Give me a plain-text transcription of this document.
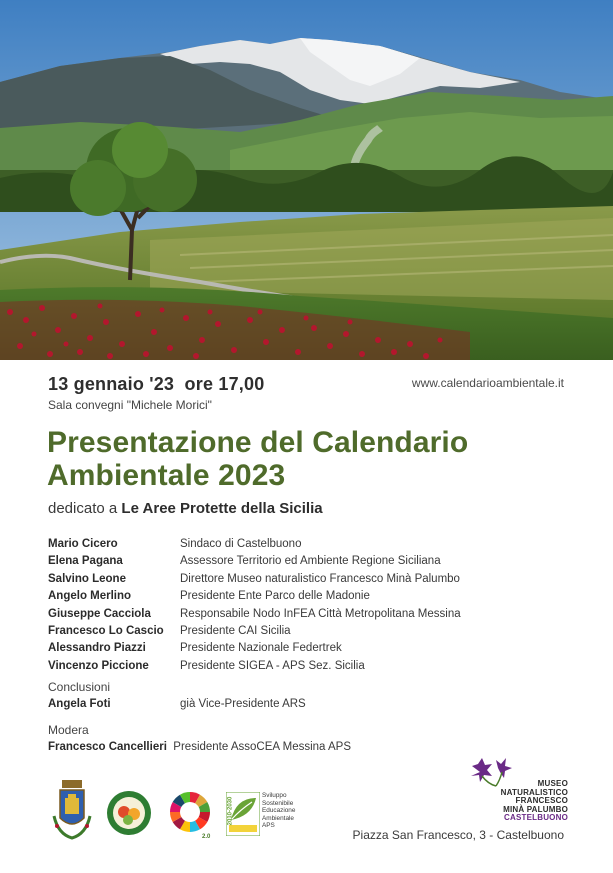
13 gennaio '23 ore 17,00	www.calendarioambientale.it
Sala convegni "Michele Morici"
Presentazione del Calendario
Ambientale 2023
dedicato a Le Aree Protette della Sicilia
Mario Cicero	Sindaco di Castelbuono
Elena Pagana	Assessore Territorio ed Ambiente Regione Siciliana
Salvino Leone	Direttore Museo naturalistico Francesco Minà Palumbo
Angelo Merlino	Presidente Ente Parco delle Madonie
Giuseppe Cacciola	Responsabile Nodo InFEA Città Metropolitana Messina
Francesco Lo Cascio	Presidente CAI Sicilia
Alessandro Piazzi	Presidente Nazionale Federtrek
Vincenzo Piccione	Presidente SIGEA - APS Sez. Sicilia
Conclusioni
Angela Foti	già Vice-Presidente ARS
Modera
Francesco Cancellieri Presidente AssoCEA Messina APS
2.0
2010-2030
Sviluppo
Sostenibile
Educazione
Ambientale
APS
MUSEO
NATURALISTICO
FRANCESCO
MINÀ PALUMBO
CASTELBUONO
Piazza San Francesco, 3 - Castelbuono
